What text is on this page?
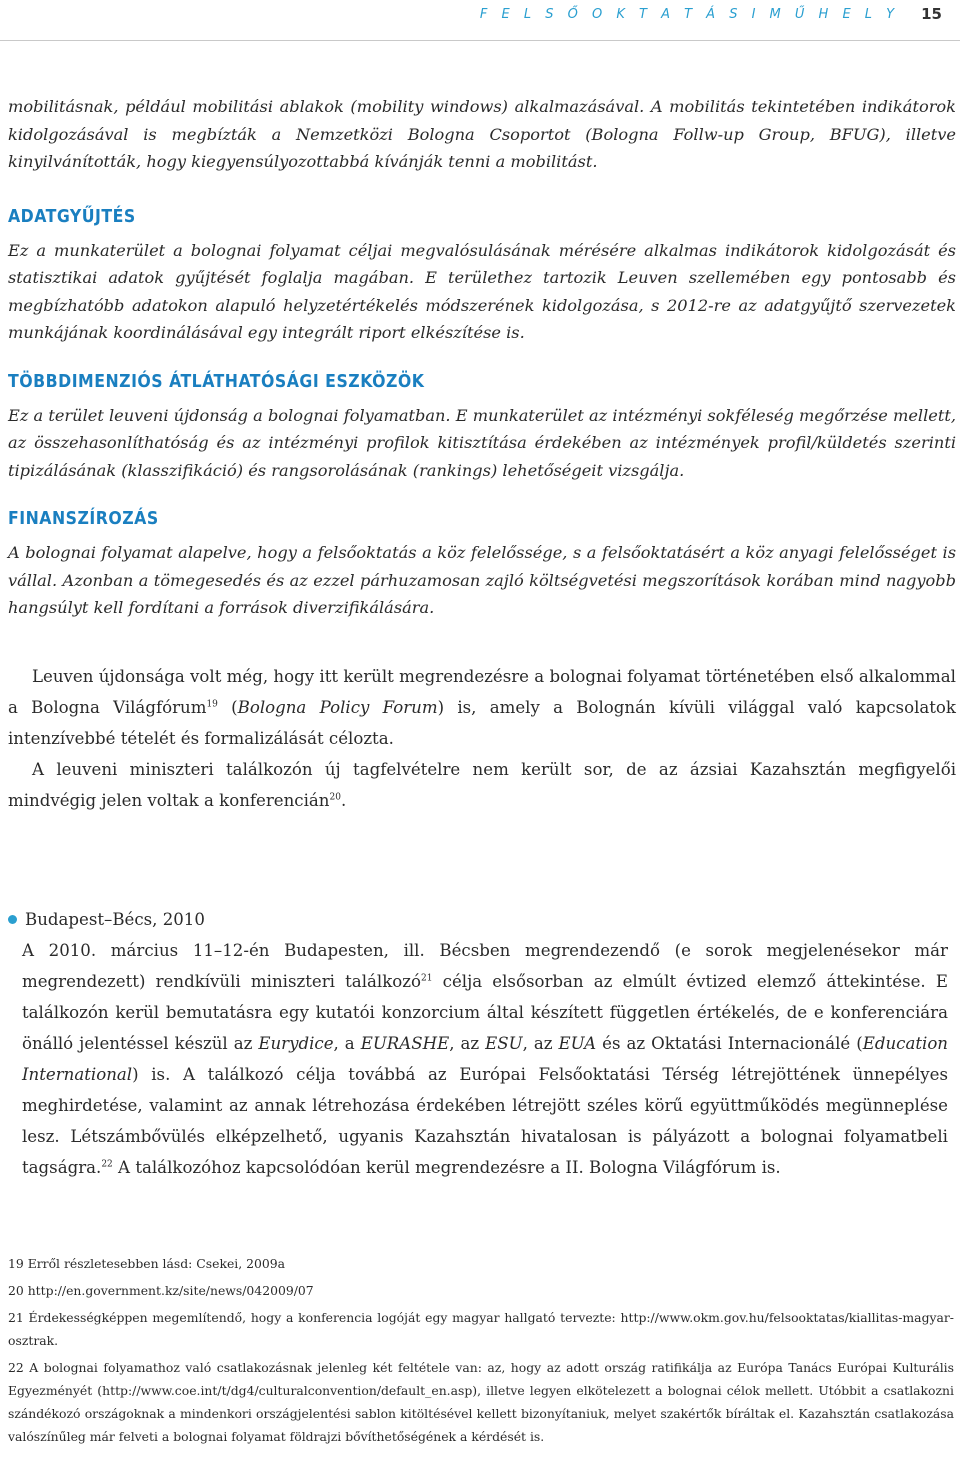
F E L S Ő O K T A T Á S I M Ű H E L Y 15

mobilitásnak, például mobilitási ablakok (mobility windows) alkalmazásával. A mobilitás tekintetében indikátorok kidolgozásával is megbízták a Nemzetközi Bologna Csoportot (Bologna Follw-up Group, BFUG), illetve kinyilvánították, hogy kiegyensúlyozottabbá kívánják tenni a mobilitást.

ADATGYŰJTÉS

Ez a munkaterület a bolognai folyamat céljai megvalósulásának mérésére alkalmas indikátorok kidolgozását és statisztikai adatok gyűjtését foglalja magában. E területhez tartozik Leuven szellemében egy pontosabb és megbízhatóbb adatokon alapuló helyzetértékelés módszerének kidolgozása, s 2012-re az adatgyűjtő szervezetek munkájának koordinálásával egy integrált riport elkészítése is.

TÖBBDIMENZIÓS ÁTLÁTHATÓSÁGI ESZKÖZÖK

Ez a terület leuveni újdonság a bolognai folyamatban. E munkaterület az intézményi sokféleség megőrzése mellett, az összehasonlíthatóság és az intézményi profilok kitisztítása érdekében az intézmények profil/küldetés szerinti tipizálásának (klasszifikáció) és rangsorolásának (rankings) lehetőségeit vizsgálja.

FINANSZÍROZÁS

A bolognai folyamat alapelve, hogy a felsőoktatás a köz felelőssége, s a felsőoktatásért a köz anyagi felelősséget is vállal. Azonban a tömegesedés és az ezzel párhuzamosan zajló költségvetési megszorítások korában mind nagyobb hangsúlyt kell fordítani a források diverzifikálására.

Leuven újdonsága volt még, hogy itt került megrendezésre a bolognai folyamat történetében első alkalommal a Bologna Világfórum$^{19}$ (Bologna Policy Forum) is, amely a Bolognán kívüli világgal való kapcsolatok intenzívebbé tételét és formalizálását célozta.

A leuveni miniszteri találkozón új tagfelvételre nem került sor, de az ázsiai Kazahsztán megfigyelői mindvégig jelen voltak a konferencián$^{20}$.

Budapest–Bécs, 2010

A 2010. március 11–12-én Budapesten, ill. Bécsben megrendezendő (e sorok megjelenésekor már megrendezett) rendkívüli miniszteri találkozó$^{21}$ célja elsősorban az elmúlt évtized elemző áttekintése. E találkozón kerül bemutatásra egy kutatói konzorcium által készített független értékelés, de e konferenciára önálló jelentéssel készül az Eurydice, a EURASHE, az ESU, az EUA és az Oktatási Internacionálé (Education International) is. A találkozó célja továbbá az Európai Felsőoktatási Térség létrejöttének ünnepélyes meghirdetése, valamint az annak létrehozása érdekében létrejött széles körű együttműködés megünneplése lesz. Létszámbővülés elképzelhető, ugyanis Kazahsztán hivatalosan is pályázott a bolognai folyamatbeli tagságra.$^{22}$ A találkozóhoz kapcsolódóan kerül megrendezésre a II. Bologna Világfórum is.

19 Erről részletesebben lásd: Csekei, 2009a

20 http://en.government.kz/site/news/042009/07

21 Érdekességképpen megemlítendő, hogy a konferencia logóját egy magyar hallgató tervezte: http://www.okm.gov.hu/felsooktatas/kiallitas-magyar-osztrak.

22 A bolognai folyamathoz való csatlakozásnak jelenleg két feltétele van: az, hogy az adott ország ratifikálja az Európa Tanács Európai Kulturális Egyezményét (http://www.coe.int/t/dg4/culturalconvention/default_en.asp), illetve legyen elkötelezett a bolognai célok mellett. Utóbbit a csatlakozni szándékozó országoknak a mindenkori országjelentési sablon kitöltésével kellett bizonyítaniuk, melyet szakértők bíráltak el. Kazahsztán csatlakozása valószínűleg már felveti a bolognai folyamat földrajzi bővíthetőségének a kérdését is.
